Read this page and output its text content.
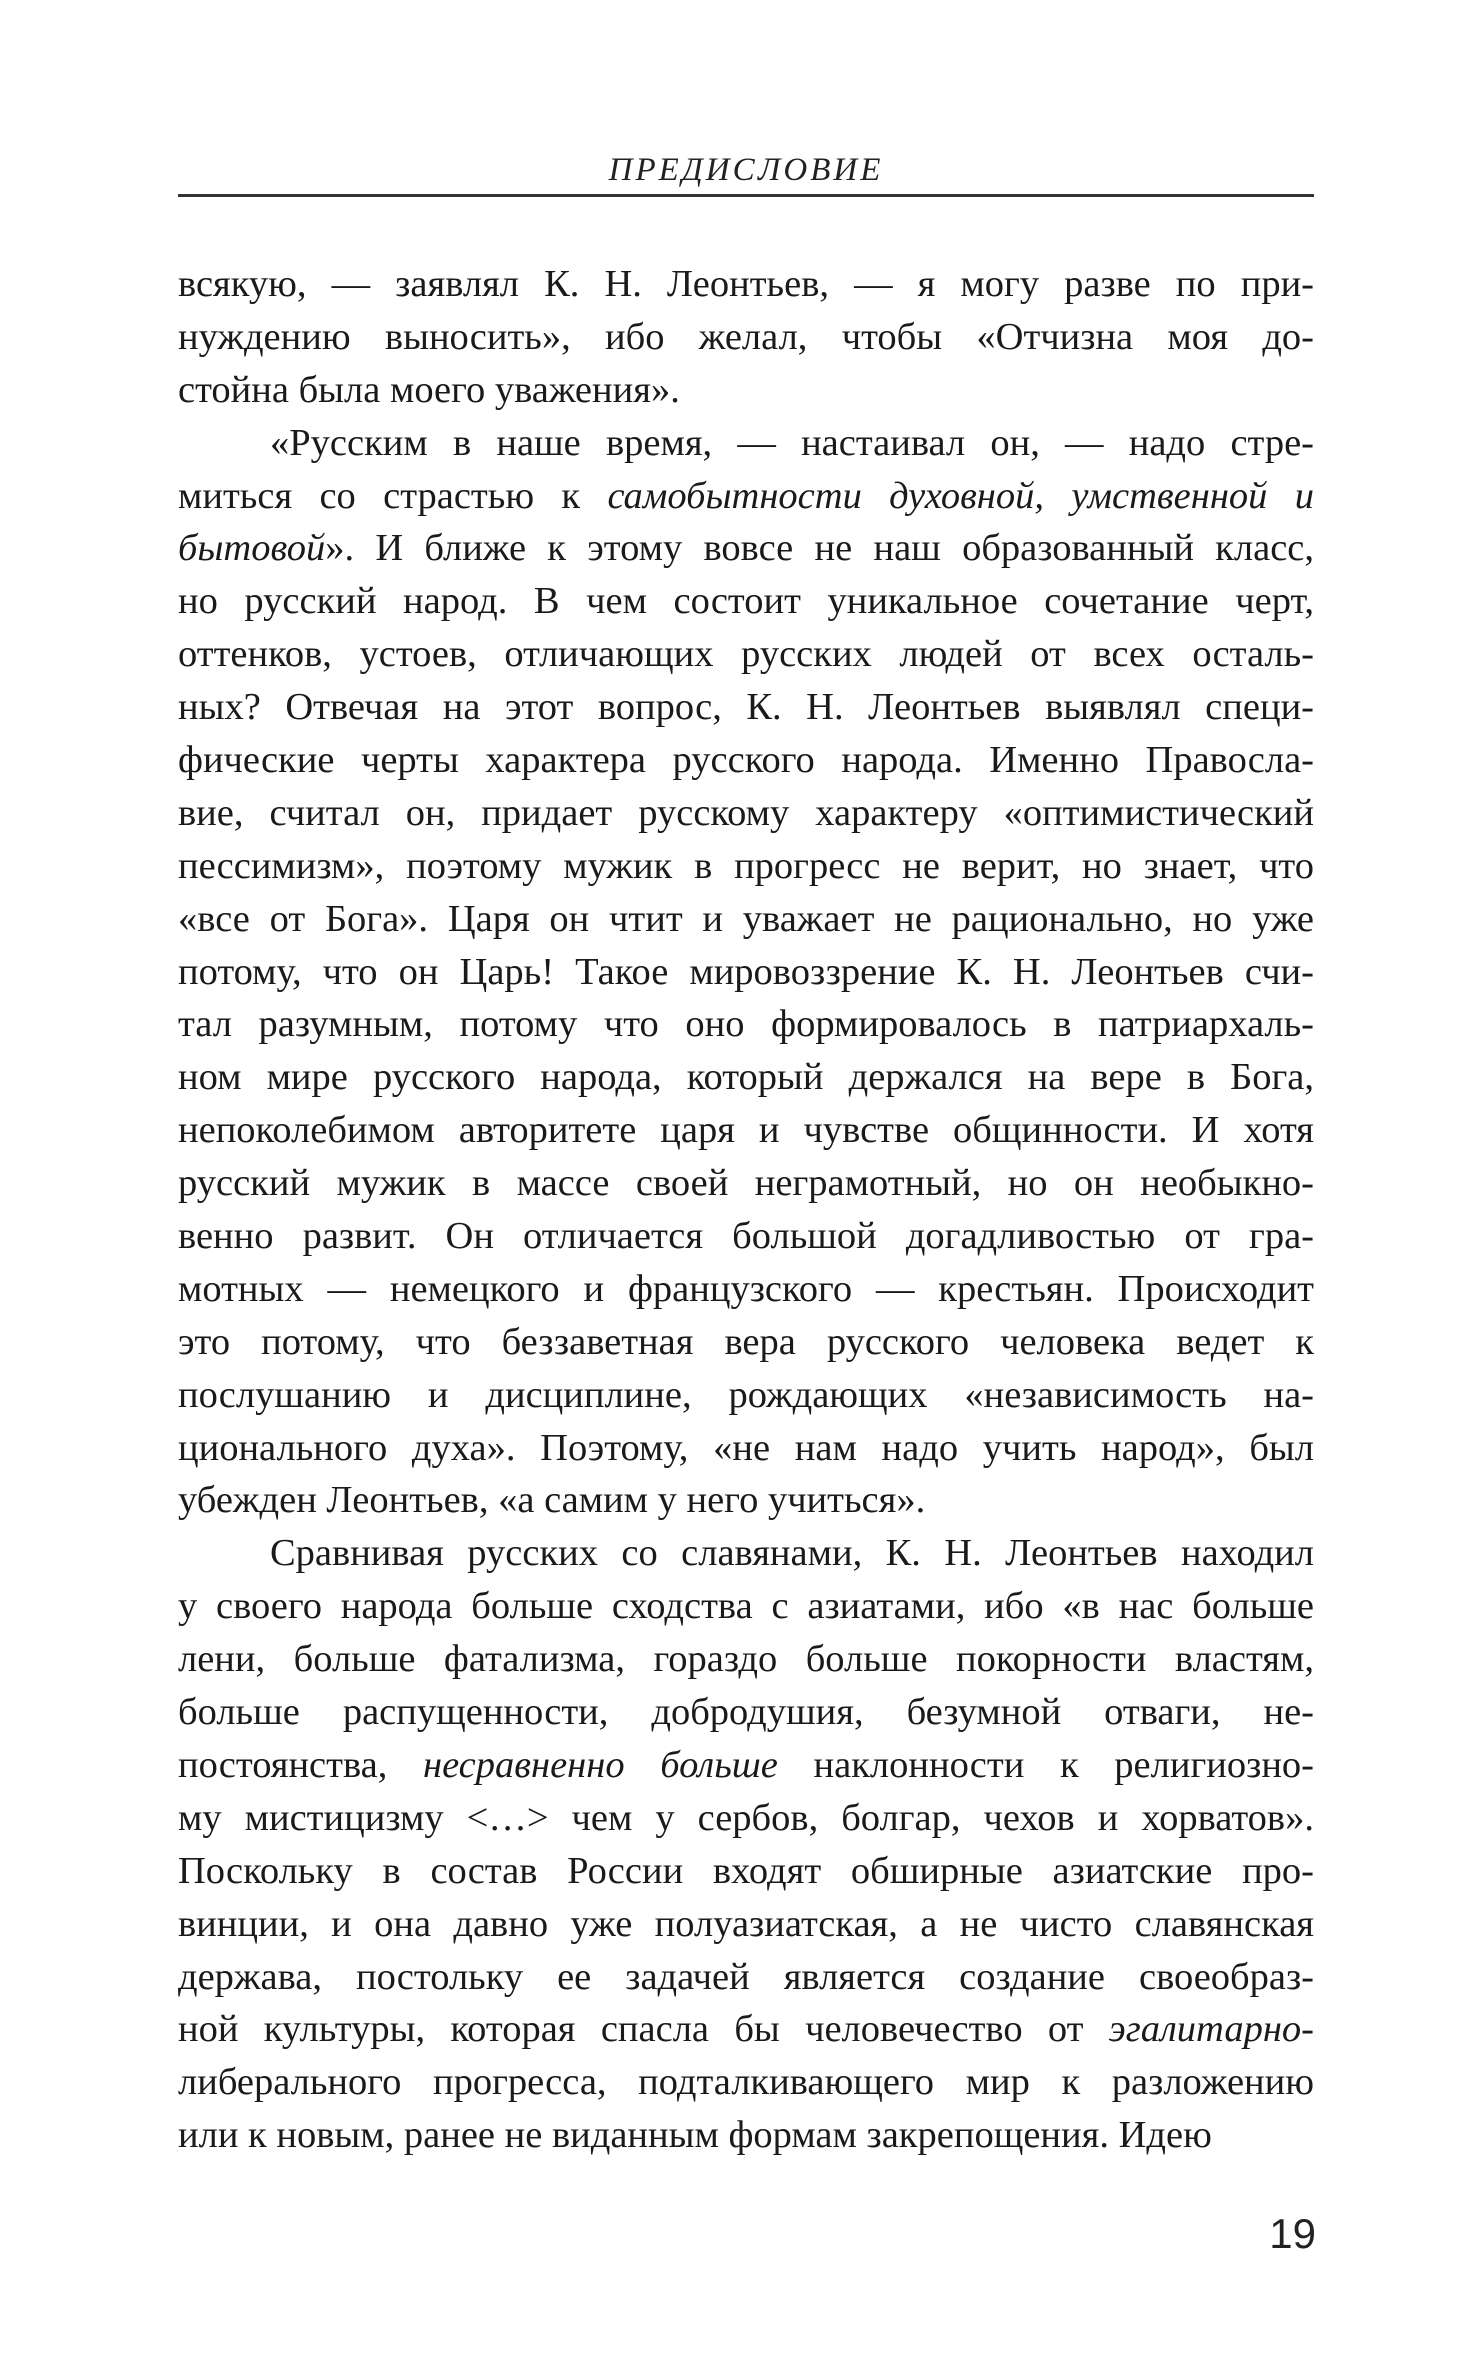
ПРЕДИСЛОВИЕ
всякую, — заявлял К. Н. Леонтьев, — я могу разве по при-
нуждению выносить», ибо желал, чтобы «Отчизна моя до-
стойна была моего уважения».
«Русским в наше время, — настаивал он, — надо стре-
миться со страстью к самобытности духовной, умственной и
бытовой». И ближе к этому вовсе не наш образованный класс,
но русский народ. В чем состоит уникальное сочетание черт,
оттенков, устоев, отличающих русских людей от всех осталь-
ных? Отвечая на этот вопрос, К. Н. Леонтьев выявлял специ-
фические черты характера русского народа. Именно Правосла-
вие, считал он, придает русскому характеру «оптимистический
пессимизм», поэтому мужик в прогресс не верит, но знает, что
«все от Бога». Царя он чтит и уважает не рационально, но уже
потому, что он Царь! Такое мировоззрение К. Н. Леонтьев счи-
тал разумным, потому что оно формировалось в патриархаль-
ном мире русского народа, который держался на вере в Бога,
непоколебимом авторитете царя и чувстве общинности. И хотя
русский мужик в массе своей неграмотный, но он необыкно-
венно развит. Он отличается большой догадливостью от гра-
мотных — немецкого и французского — крестьян. Происходит
это потому, что беззаветная вера русского человека ведет к
послушанию и дисциплине, рождающих «независимость на-
ционального духа». Поэтому, «не нам надо учить народ», был
убежден Леонтьев, «а самим у него учиться».
Сравнивая русских со славянами, К. Н. Леонтьев находил
у своего народа больше сходства с азиатами, ибо «в нас больше
лени, больше фатализма, гораздо больше покорности властям,
больше распущенности, добродушия, безумной отваги, не-
постоянства, несравненно больше наклонности к религиозно-
му мистицизму <…> чем у сербов, болгар, чехов и хорватов».
Поскольку в состав России входят обширные азиатские про-
винции, и она давно уже полуазиатская, а не чисто славянская
держава, постольку ее задачей является создание своеобраз-
ной культуры, которая спасла бы человечество от эгалитарно-
либерального прогресса, подталкивающего мир к разложению
или к новым, ранее не виданным формам закрепощения. Идею
19
